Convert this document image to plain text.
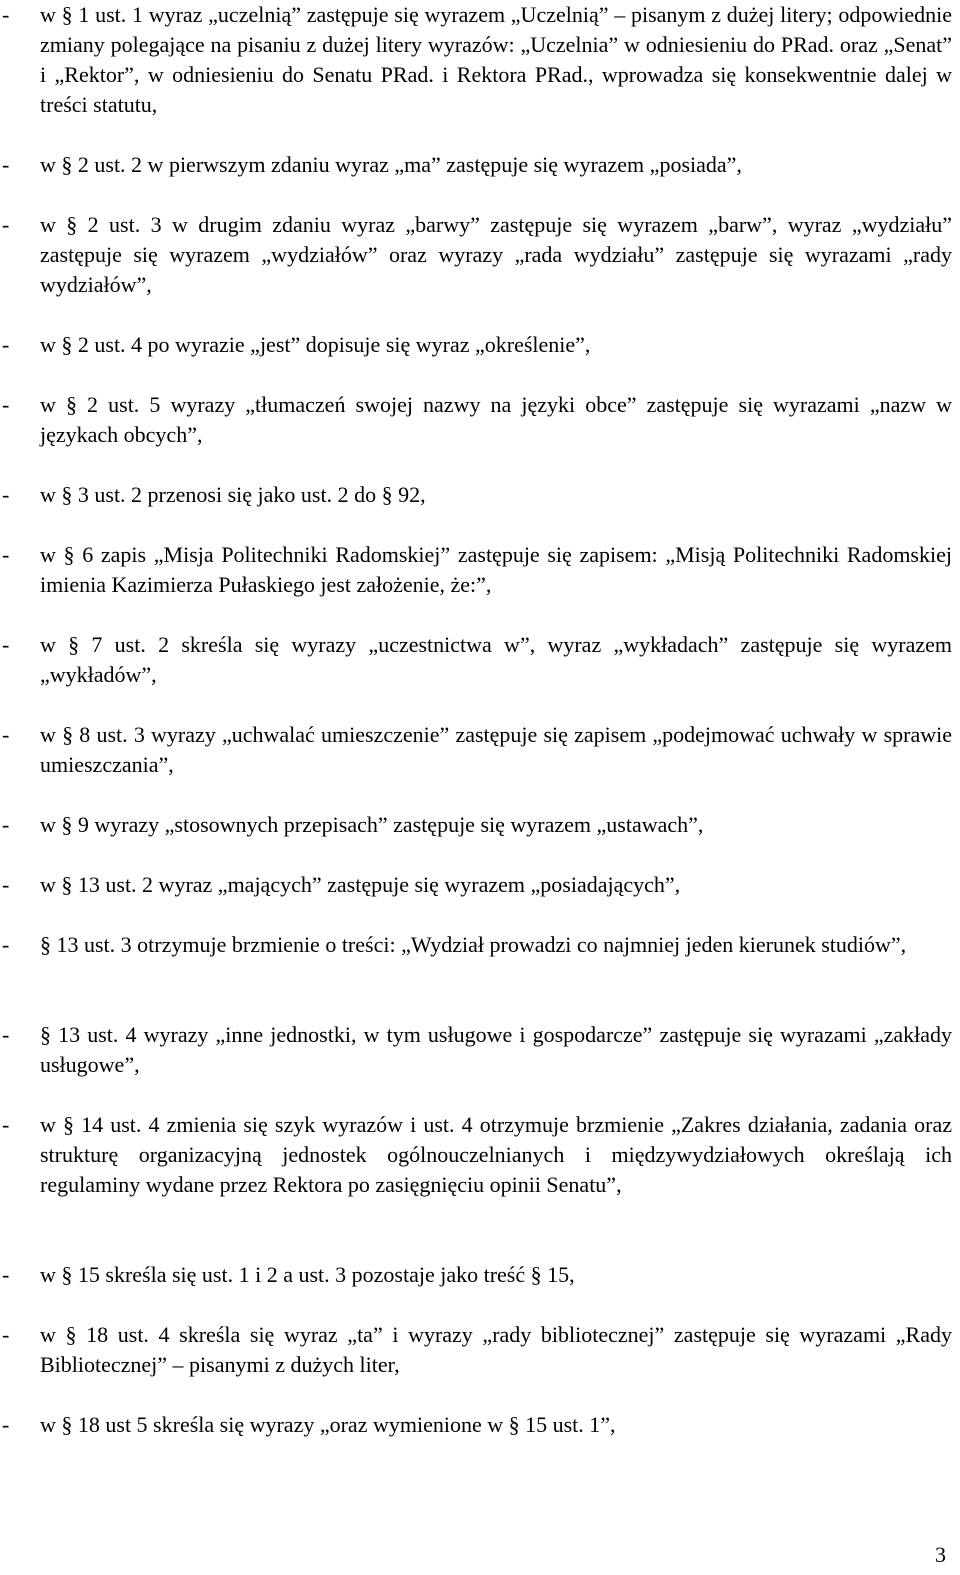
- w § 1 ust. 1 wyraz „uczelnią” zastępuje się wyrazem „Uczelnią” – pisanym z dużej litery; odpowiednie zmiany polegające na pisaniu z dużej litery wyrazów: „Uczelnia” w odniesieniu do PRad. oraz „Senat” i „Rektor”, w odniesieniu do Senatu PRad. i Rektora PRad., wprowadza się konsekwentnie dalej w treści statutu,

- w § 2 ust. 2 w pierwszym zdaniu wyraz „ma” zastępuje się wyrazem „posiada”,

- w § 2 ust. 3 w drugim zdaniu wyraz „barwy” zastępuje się wyrazem „barw”, wyraz „wydziału” zastępuje się wyrazem „wydziałów” oraz wyrazy „rada wydziału” zastępuje się wyrazami „rady wydziałów”,

- w § 2 ust. 4 po wyrazie „jest” dopisuje się wyraz „określenie”,

- w § 2 ust. 5 wyrazy „tłumaczeń swojej nazwy na języki obce” zastępuje się wyrazami „nazw w językach obcych”,

- w § 3 ust. 2 przenosi się jako ust. 2 do § 92,

- w § 6 zapis „Misja Politechniki Radomskiej” zastępuje się zapisem: „Misją Politechniki Radomskiej imienia Kazimierza Pułaskiego jest założenie, że:”,

- w § 7 ust. 2 skreśla się wyrazy „uczestnictwa w”, wyraz „wykładach” zastępuje się wyrazem „wykładów”,

- w § 8 ust. 3 wyrazy „uchwalać umieszczenie” zastępuje się zapisem „podejmować uchwały w sprawie umieszczania”,

- w § 9 wyrazy „stosownych przepisach” zastępuje się wyrazem „ustawach”,

- w § 13 ust. 2 wyraz „mających” zastępuje się wyrazem „posiadających”,

- § 13 ust. 3 otrzymuje brzmienie o treści: „Wydział prowadzi co najmniej jeden kierunek studiów”,

- § 13 ust. 4 wyrazy „inne jednostki, w tym usługowe i gospodarcze” zastępuje się wyrazami „zakłady usługowe”,

- w § 14 ust. 4 zmienia się szyk wyrazów i ust. 4 otrzymuje brzmienie „Zakres działania, zadania oraz strukturę organizacyjną jednostek ogólnouczelnianych i międzywydziałowych określają ich regulaminy wydane przez Rektora po zasięgnięciu opinii Senatu”,

- w § 15 skreśla się ust. 1 i 2 a ust. 3 pozostaje jako treść § 15,

- w § 18 ust. 4 skreśla się wyraz „ta” i wyrazy „rady bibliotecznej” zastępuje się wyrazami „Rady Bibliotecznej” – pisanymi z dużych liter,

- w § 18 ust 5 skreśla się wyrazy „oraz wymienione w § 15 ust. 1”,

3
